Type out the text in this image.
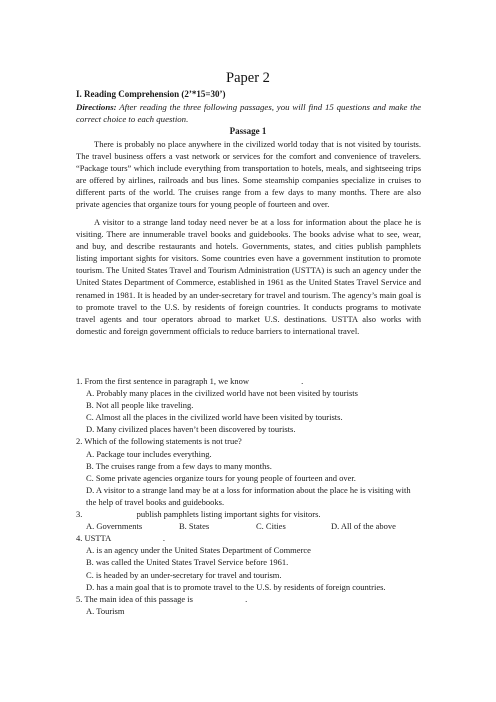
Paper 2
I. Reading Comprehension (2’*15=30’)
Directions: After reading the three following passages, you will find 15 questions and make the correct choice to each question.
Passage 1
There is probably no place anywhere in the civilized world today that is not visited by tourists. The travel business offers a vast network or services for the comfort and convenience of travelers. “Package tours” which include everything from transportation to hotels, meals, and sightseeing trips are offered by airlines, railroads and bus lines. Some steamship companies specialize in cruises to different parts of the world. The cruises range from a few days to many months. There are also private agencies that organize tours for young people of fourteen and over.
A visitor to a strange land today need never be at a loss for information about the place he is visiting. There are innumerable travel books and guidebooks. The books advise what to see, wear, and buy, and describe restaurants and hotels. Governments, states, and cities publish pamphlets listing important sights for visitors. Some countries even have a government institution to promote tourism. The United States Travel and Tourism Administration (USTTA) is such an agency under the United States Department of Commerce, established in 1961 as the United States Travel Service and renamed in 1981. It is headed by an under-secretary for travel and tourism. The agency’s main goal is to promote travel to the U.S. by residents of foreign countries. It conducts programs to motivate travel agents and tour operators abroad to market U.S. destinations. USTTA also works with domestic and foreign government officials to reduce barriers to international travel.

1. From the first sentence in paragraph 1, we know	.

A. Probably many places in the civilized world have not been visited by tourists

B. Not all people like traveling.

C. Almost all the places in the civilized world have been visited by tourists.

D. Many civilized places haven’t been discovered by tourists.

2. Which of the following statements is not true?

A. Package tour includes everything.

B. The cruises range from a few days to many months.

C. Some private agencies organize tours for young people of fourteen and over.

D. A visitor to a strange land may be at a loss for information about the place he is visiting with the help of travel books and guidebooks.

3.	publish pamphlets listing important sights for visitors.

A. Governments	B. States	C. Cities	D. All of the above

4. USTTA	.

A. is an agency under the United States Department of Commerce

B. was called the United States Travel Service before 1961.

C. is headed by an under-secretary for travel and tourism.

D. has a main goal that is to promote travel to the U.S. by residents of foreign countries.

5. The main idea of this passage is	.

A. Tourism
